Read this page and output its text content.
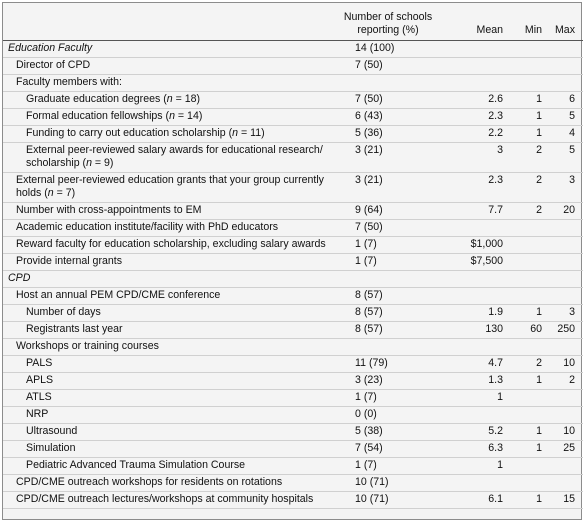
	Number of schools
reporting (%)	Mean	Min	Max
Education Faculty	14 (100)			
Director of CPD	7 (50)			
Faculty members with:				
Graduate education degrees (n = 18)	7 (50)	2.6	1	6
Formal education fellowships (n = 14)	6 (43)	2.3	1	5
Funding to carry out education scholarship (n = 11)	5 (36)	2.2	1	4
External peer-reviewed salary awards for educational research/ scholarship (n = 9)	3 (21)	3	2	5
External peer-reviewed education grants that your group currently holds (n = 7)	3 (21)	2.3	2	3
Number with cross-appointments to EM	9 (64)	7.7	2	20
Academic education institute/facility with PhD educators	7 (50)			
Reward faculty for education scholarship, excluding salary awards	1 (7)	$1,000		
Provide internal grants	1 (7)	$7,500		
CPD				
Host an annual PEM CPD/CME conference	8 (57)			
Number of days	8 (57)	1.9	1	3
Registrants last year	8 (57)	130	60	250
Workshops or training courses				
PALS	11 (79)	4.7	2	10
APLS	3 (23)	1.3	1	2
ATLS	1 (7)	1		
NRP	0 (0)			
Ultrasound	5 (38)	5.2	1	10
Simulation	7 (54)	6.3	1	25
Pediatric Advanced Trauma Simulation Course	1 (7)	1		
CPD/CME outreach workshops for residents on rotations	10 (71)			
CPD/CME outreach lectures/workshops at community hospitals	10 (71)	6.1	1	15
